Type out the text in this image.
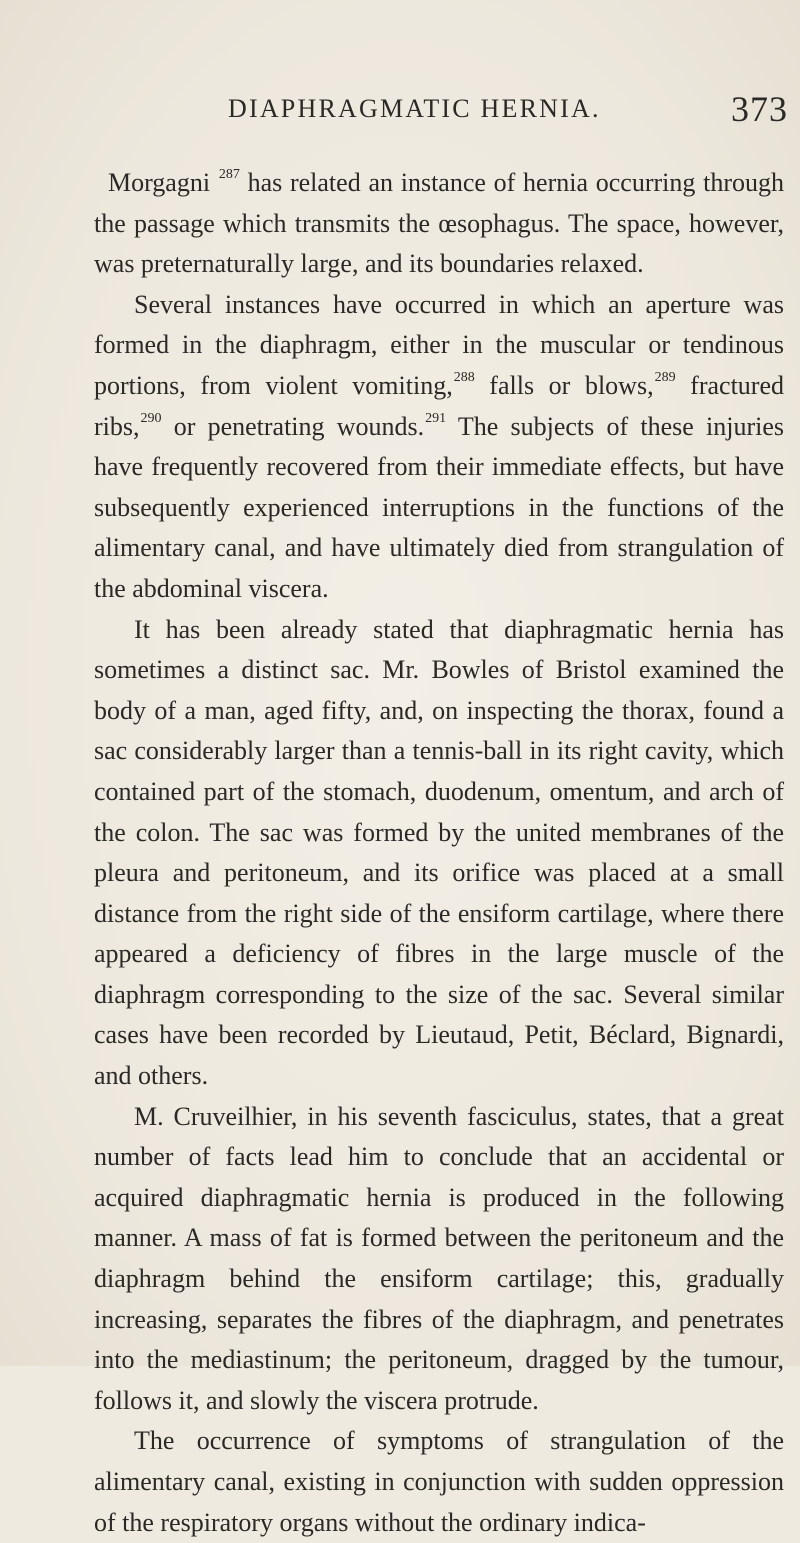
DIAPHRAGMATIC HERNIA.	373

Morgagni $^{287}$ has related an instance of hernia occurring through the passage which transmits the œsophagus. The space, however, was preternaturally large, and its boundaries relaxed.

Several instances have occurred in which an aperture was formed in the diaphragm, either in the muscular or tendinous portions, from violent vomiting,$^{288}$ falls or blows,$^{289}$ fractured ribs,$^{290}$ or penetrating wounds.$^{291}$ The subjects of these injuries have frequently recovered from their immediate effects, but have subsequently experienced interruptions in the functions of the alimentary canal, and have ultimately died from strangulation of the abdominal viscera.

It has been already stated that diaphragmatic hernia has sometimes a distinct sac. Mr. Bowles of Bristol examined the body of a man, aged fifty, and, on inspecting the thorax, found a sac considerably larger than a tennis-ball in its right cavity, which contained part of the stomach, duodenum, omentum, and arch of the colon. The sac was formed by the united membranes of the pleura and peritoneum, and its orifice was placed at a small distance from the right side of the ensiform cartilage, where there appeared a deficiency of fibres in the large muscle of the diaphragm corresponding to the size of the sac. Several similar cases have been recorded by Lieutaud, Petit, Béclard, Bignardi, and others.

M. Cruveilhier, in his seventh fasciculus, states, that a great number of facts lead him to conclude that an accidental or acquired diaphragmatic hernia is produced in the following manner. A mass of fat is formed between the peritoneum and the diaphragm behind the ensiform cartilage; this, gradually increasing, separates the fibres of the diaphragm, and penetrates into the mediastinum; the peritoneum, dragged by the tumour, follows it, and slowly the viscera protrude.

The occurrence of symptoms of strangulation of the alimentary canal, existing in conjunction with sudden oppression of the respiratory organs without the ordinary indica-
